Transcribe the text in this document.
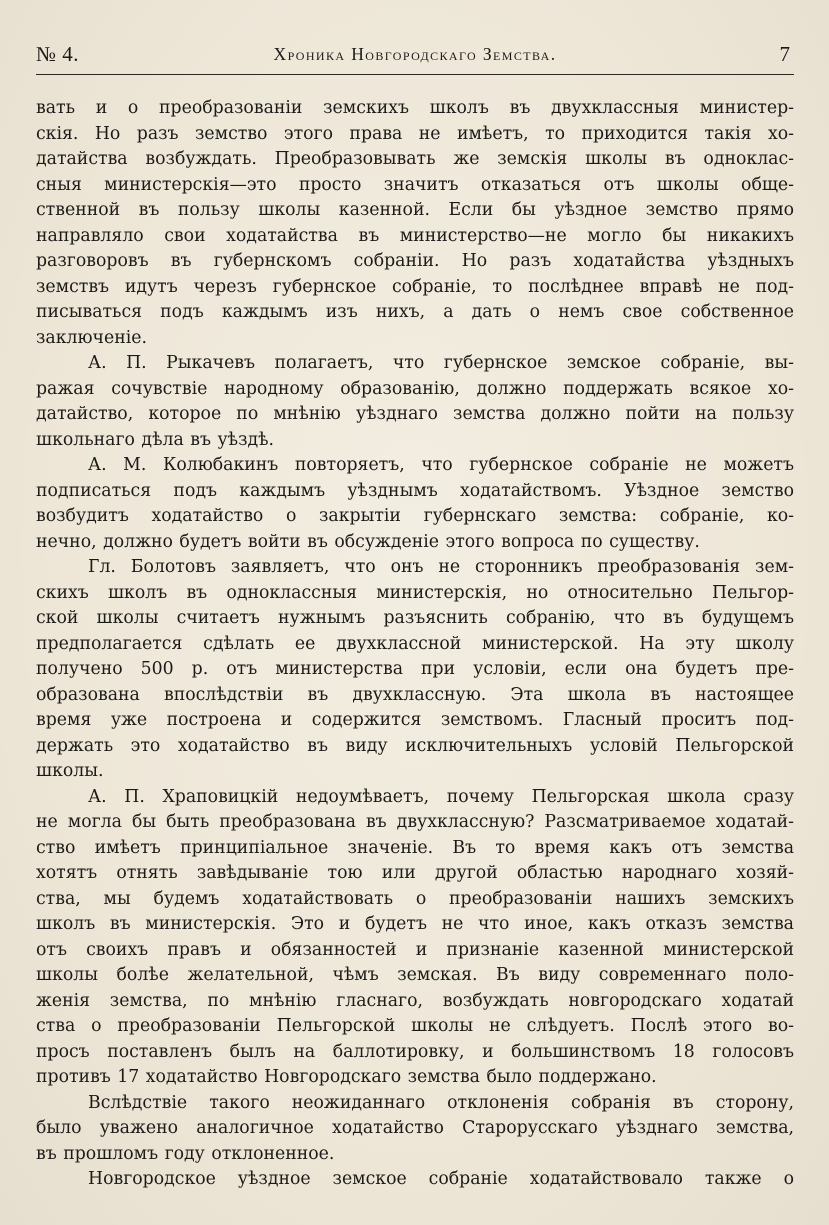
№ 4.	Хроника Новгородскаго Земства.	7
вать и о преобразованіи земскихъ школъ въ двухклассныя министер-
скія. Но разъ земство этого права не имѣетъ, то приходится такія хо-
датайства возбуждать. Преобразовывать же земскія школы въ одноклас-
сныя министерскія—это просто значитъ отказаться отъ школы обще-
ственной въ пользу школы казенной. Если бы уѣздное земство прямо
направляло свои ходатайства въ министерство—не могло бы никакихъ
разговоровъ въ губернскомъ собраніи. Но разъ ходатайства уѣздныхъ
земствъ идутъ черезъ губернское собраніе, то послѣднее вправѣ не под-
писываться подъ каждымъ изъ нихъ, а дать о немъ свое собственное
заключеніе.
А. П. Рыкачевъ полагаетъ, что губернское земское собраніе, вы-
ражая сочувствіе народному образованію, должно поддержать всякое хо-
датайство, которое по мнѣнію уѣзднаго земства должно пойти на пользу
школьнаго дѣла въ уѣздѣ.
А. М. Колюбакинъ повторяетъ, что губернское собраніе не можетъ
подписаться подъ каждымъ уѣзднымъ ходатайствомъ. Уѣздное земство
возбудитъ ходатайство о закрытіи губернскаго земства: собраніе, ко-
нечно, должно будетъ войти въ обсужденіе этого вопроса по существу.
Гл. Болотовъ заявляетъ, что онъ не сторонникъ преобразованія зем-
скихъ школъ въ одноклассныя министерскія, но относительно Пельгор-
ской школы считаетъ нужнымъ разъяснить собранію, что въ будущемъ
предполагается сдѣлать ее двухклассной министерской. На эту школу
получено 500 р. отъ министерства при условіи, если она будетъ пре-
образована впослѣдствіи въ двухклассную. Эта школа въ настоящее
время уже построена и содержится земствомъ. Гласный проситъ под-
держать это ходатайство въ виду исключительныхъ условій Пельгорской
школы.
А. П. Храповицкій недоумѣваетъ, почему Пельгорская школа сразу
не могла бы быть преобразована въ двухклассную? Разсматриваемое ходатай-
ство имѣетъ принципіальное значеніе. Въ то время какъ отъ земства
хотятъ отнять завѣдываніе тою или другой областью народнаго хозяй-
ства, мы будемъ ходатайствовать о преобразованіи нашихъ земскихъ
школъ въ министерскія. Это и будетъ не что иное, какъ отказъ земства
отъ своихъ правъ и обязанностей и признаніе казенной министерской
школы болѣе желательной, чѣмъ земская. Въ виду современнаго поло-
женія земства, по мнѣнію гласнаго, возбуждать новгородскаго ходатай
ства о преобразованіи Пельгорской школы не слѣдуетъ. Послѣ этого во-
просъ поставленъ былъ на баллотировку, и большинствомъ 18 голосовъ
противъ 17 ходатайство Новгородскаго земства было поддержано.
Вслѣдствіе такого неожиданнаго отклоненія собранія въ сторону,
было уважено аналогичное ходатайство Старорусскаго уѣзднаго земства,
въ прошломъ году отклоненное.
Новгородское уѣздное земское собраніе ходатайствовало также о
